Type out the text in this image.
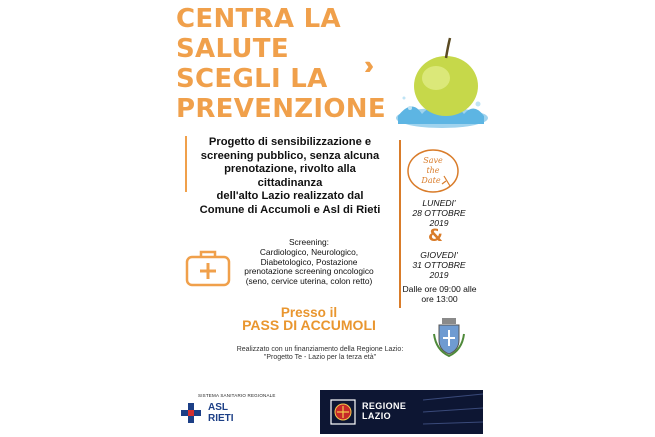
CENTRA LA
SALUTE
SCEGLI LA
PREVENZIONE
›››
Progetto di sensibilizzazione e
screening pubblico, senza alcuna
prenotazione, rivolto alla
cittadinanza
dell'alto Lazio realizzato dal
Comune di Accumoli e Asl di Rieti
Save
the
Date
LUNEDI'
28 OTTOBRE 2019
&
GIOVEDI'
31 OTTOBRE 2019
Dalle ore 09:00 alle
ore 13:00
Screening:
Cardiologico, Neurologico,
Diabetologico, Postazione
prenotazione screening oncologico
(seno, cervice uterina, colon retto)
Presso il
PASS DI ACCUMOLI
Realizzato con un finanziamento della Regione Lazio:
"Progetto Te - Lazio per la terza età"
SISTEMA SANITARIO REGIONALE
ASL
RIETI
REGIONE
LAZIO
